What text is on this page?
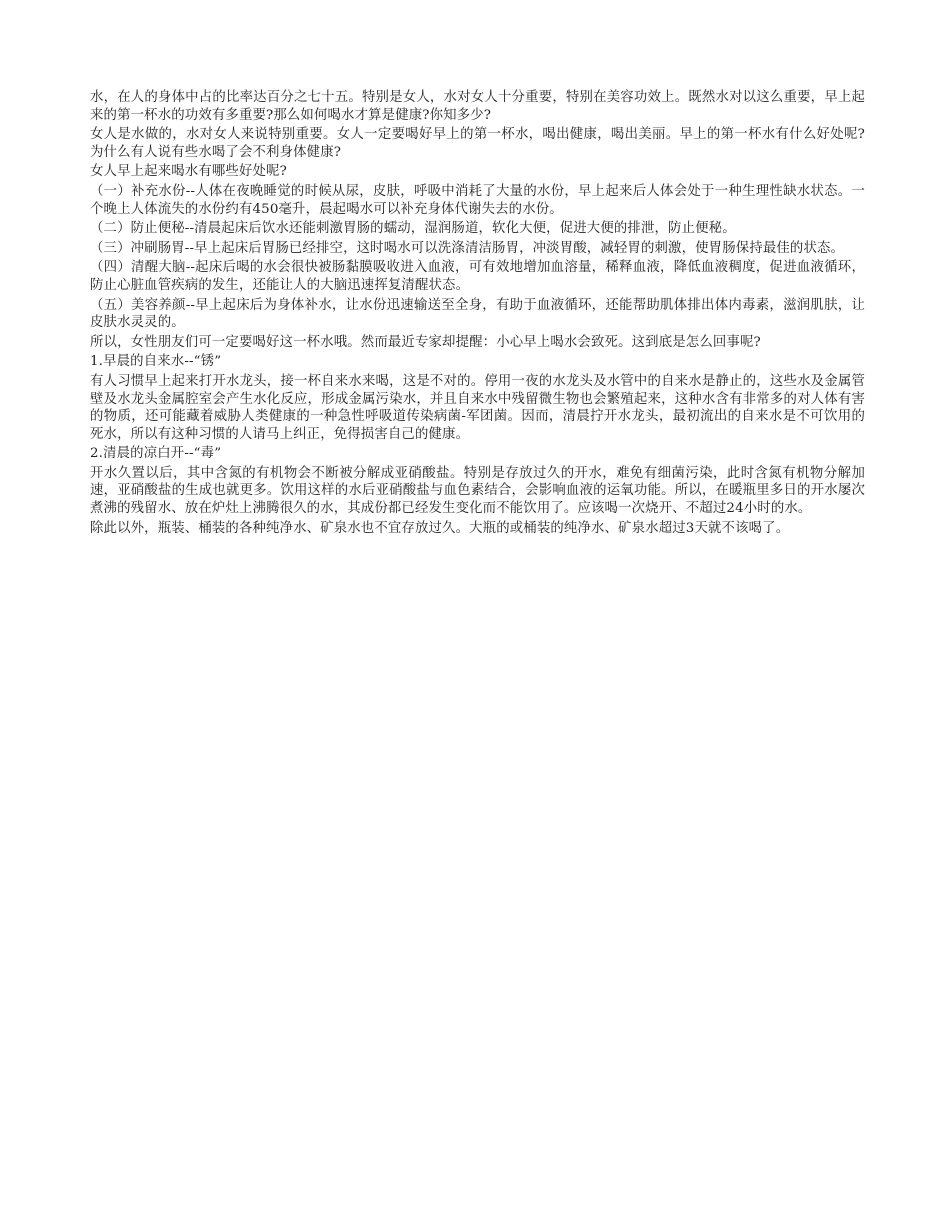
水，在人的身体中占的比率达百分之七十五。特别是女人，水对女人十分重要，特别在美容功效上。既然水对以这么重要，早上起来的第一杯水的功效有多重要?那么如何喝水才算是健康?你知多少?

女人是水做的，水对女人来说特别重要。女人一定要喝好早上的第一杯水，喝出健康，喝出美丽。早上的第一杯水有什么好处呢?为什么有人说有些水喝了会不利身体健康?

女人早上起来喝水有哪些好处呢?

（一）补充水份--人体在夜晚睡觉的时候从尿，皮肤，呼吸中消耗了大量的水份，早上起来后人体会处于一种生理性缺水状态。一个晚上人体流失的水份约有450毫升，晨起喝水可以补充身体代谢失去的水份。

（二）防止便秘--清晨起床后饮水还能刺激胃肠的蠕动，湿润肠道，软化大便，促进大便的排泄，防止便秘。

（三）冲刷肠胃--早上起床后胃肠已经排空，这时喝水可以洗涤清洁肠胃，冲淡胃酸，减轻胃的刺激，使胃肠保持最佳的状态。

（四）清醒大脑--起床后喝的水会很快被肠黏膜吸收进入血液，可有效地增加血溶量，稀释血液，降低血液稠度，促进血液循环，防止心脏血管疾病的发生，还能让人的大脑迅速挥复清醒状态。

（五）美容养颜--早上起床后为身体补水，让水份迅速输送至全身，有助于血液循环，还能帮助肌体排出体内毒素，滋润肌肤，让皮肤水灵灵的。

所以，女性朋友们可一定要喝好这一杯水哦。然而最近专家却提醒：小心早上喝水会致死。这到底是怎么回事呢?

1.早晨的自来水--“锈”

有人习惯早上起来打开水龙头，接一杯自来水来喝，这是不对的。停用一夜的水龙头及水管中的自来水是静止的，这些水及金属管壁及水龙头金属腔室会产生水化反应，形成金属污染水，并且自来水中残留微生物也会繁殖起来，这种水含有非常多的对人体有害的物质，还可能藏着威胁人类健康的一种急性呼吸道传染病菌-军团菌。因而，清晨拧开水龙头，最初流出的自来水是不可饮用的死水，所以有这种习惯的人请马上纠正，免得损害自己的健康。

2.清晨的凉白开--“毒”

开水久置以后，其中含氮的有机物会不断被分解成亚硝酸盐。特别是存放过久的开水，难免有细菌污染，此时含氮有机物分解加速，亚硝酸盐的生成也就更多。饮用这样的水后亚硝酸盐与血色素结合，会影响血液的运氧功能。所以，在暖瓶里多日的开水屡次煮沸的残留水、放在炉灶上沸腾很久的水，其成份都已经发生变化而不能饮用了。应该喝一次烧开、不超过24小时的水。

除此以外，瓶装、桶装的各种纯净水、矿泉水也不宜存放过久。大瓶的或桶装的纯净水、矿泉水超过3天就不该喝了。
